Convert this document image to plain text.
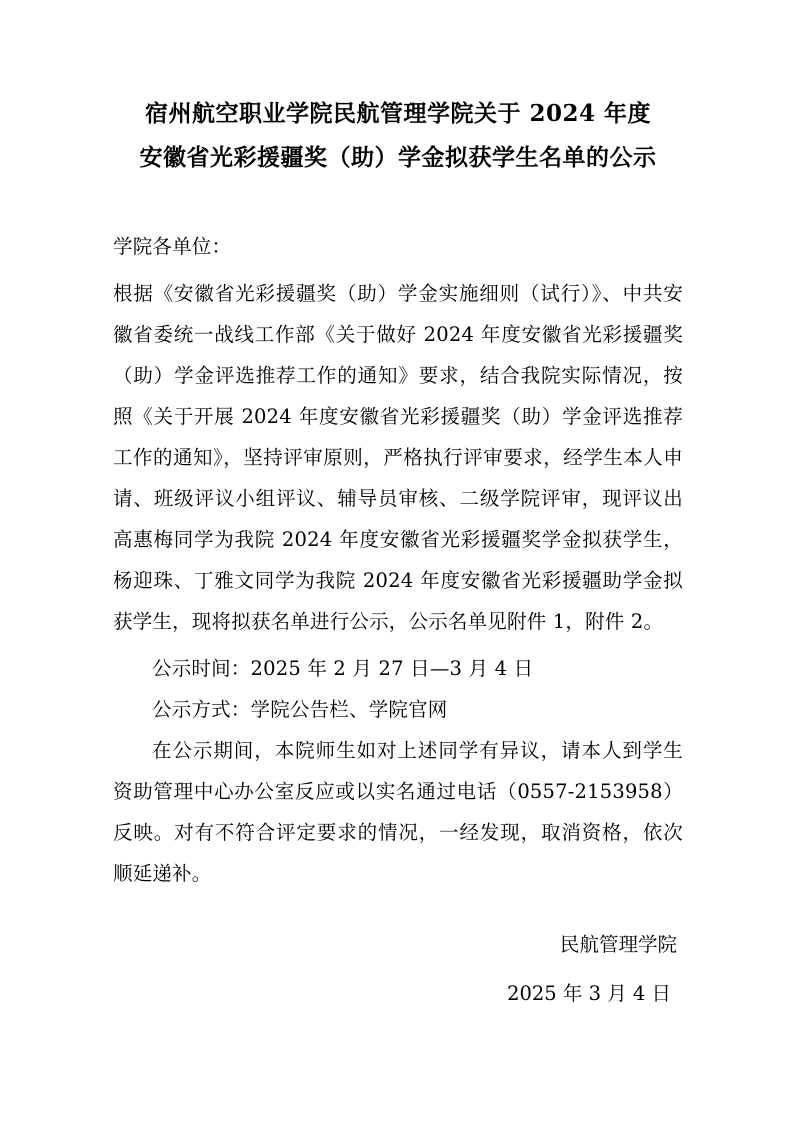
宿州航空职业学院民航管理学院关于 2024 年度
安徽省光彩援疆奖（助）学金拟获学生名单的公示

学院各单位：

根据《安徽省光彩援疆奖（助）学金实施细则（试行）》、中共安徽省委统一战线工作部《关于做好 2024 年度安徽省光彩援疆奖（助）学金评选推荐工作的通知》要求，结合我院实际情况，按照《关于开展 2024 年度安徽省光彩援疆奖（助）学金评选推荐工作的通知》，坚持评审原则，严格执行评审要求，经学生本人申请、班级评议小组评议、辅导员审核、二级学院评审，现评议出高惠梅同学为我院 2024 年度安徽省光彩援疆奖学金拟获学生，杨迎珠、丁雅文同学为我院 2024 年度安徽省光彩援疆助学金拟获学生，现将拟获名单进行公示，公示名单见附件 1，附件 2。

公示时间：2025 年 2 月 27 日—3 月 4 日

公示方式：学院公告栏、学院官网

在公示期间，本院师生如对上述同学有异议，请本人到学生资助管理中心办公室反应或以实名通过电话（0557-2153958）反映。对有不符合评定要求的情况，一经发现，取消资格，依次顺延递补。

民航管理学院

2025 年 3 月 4 日
